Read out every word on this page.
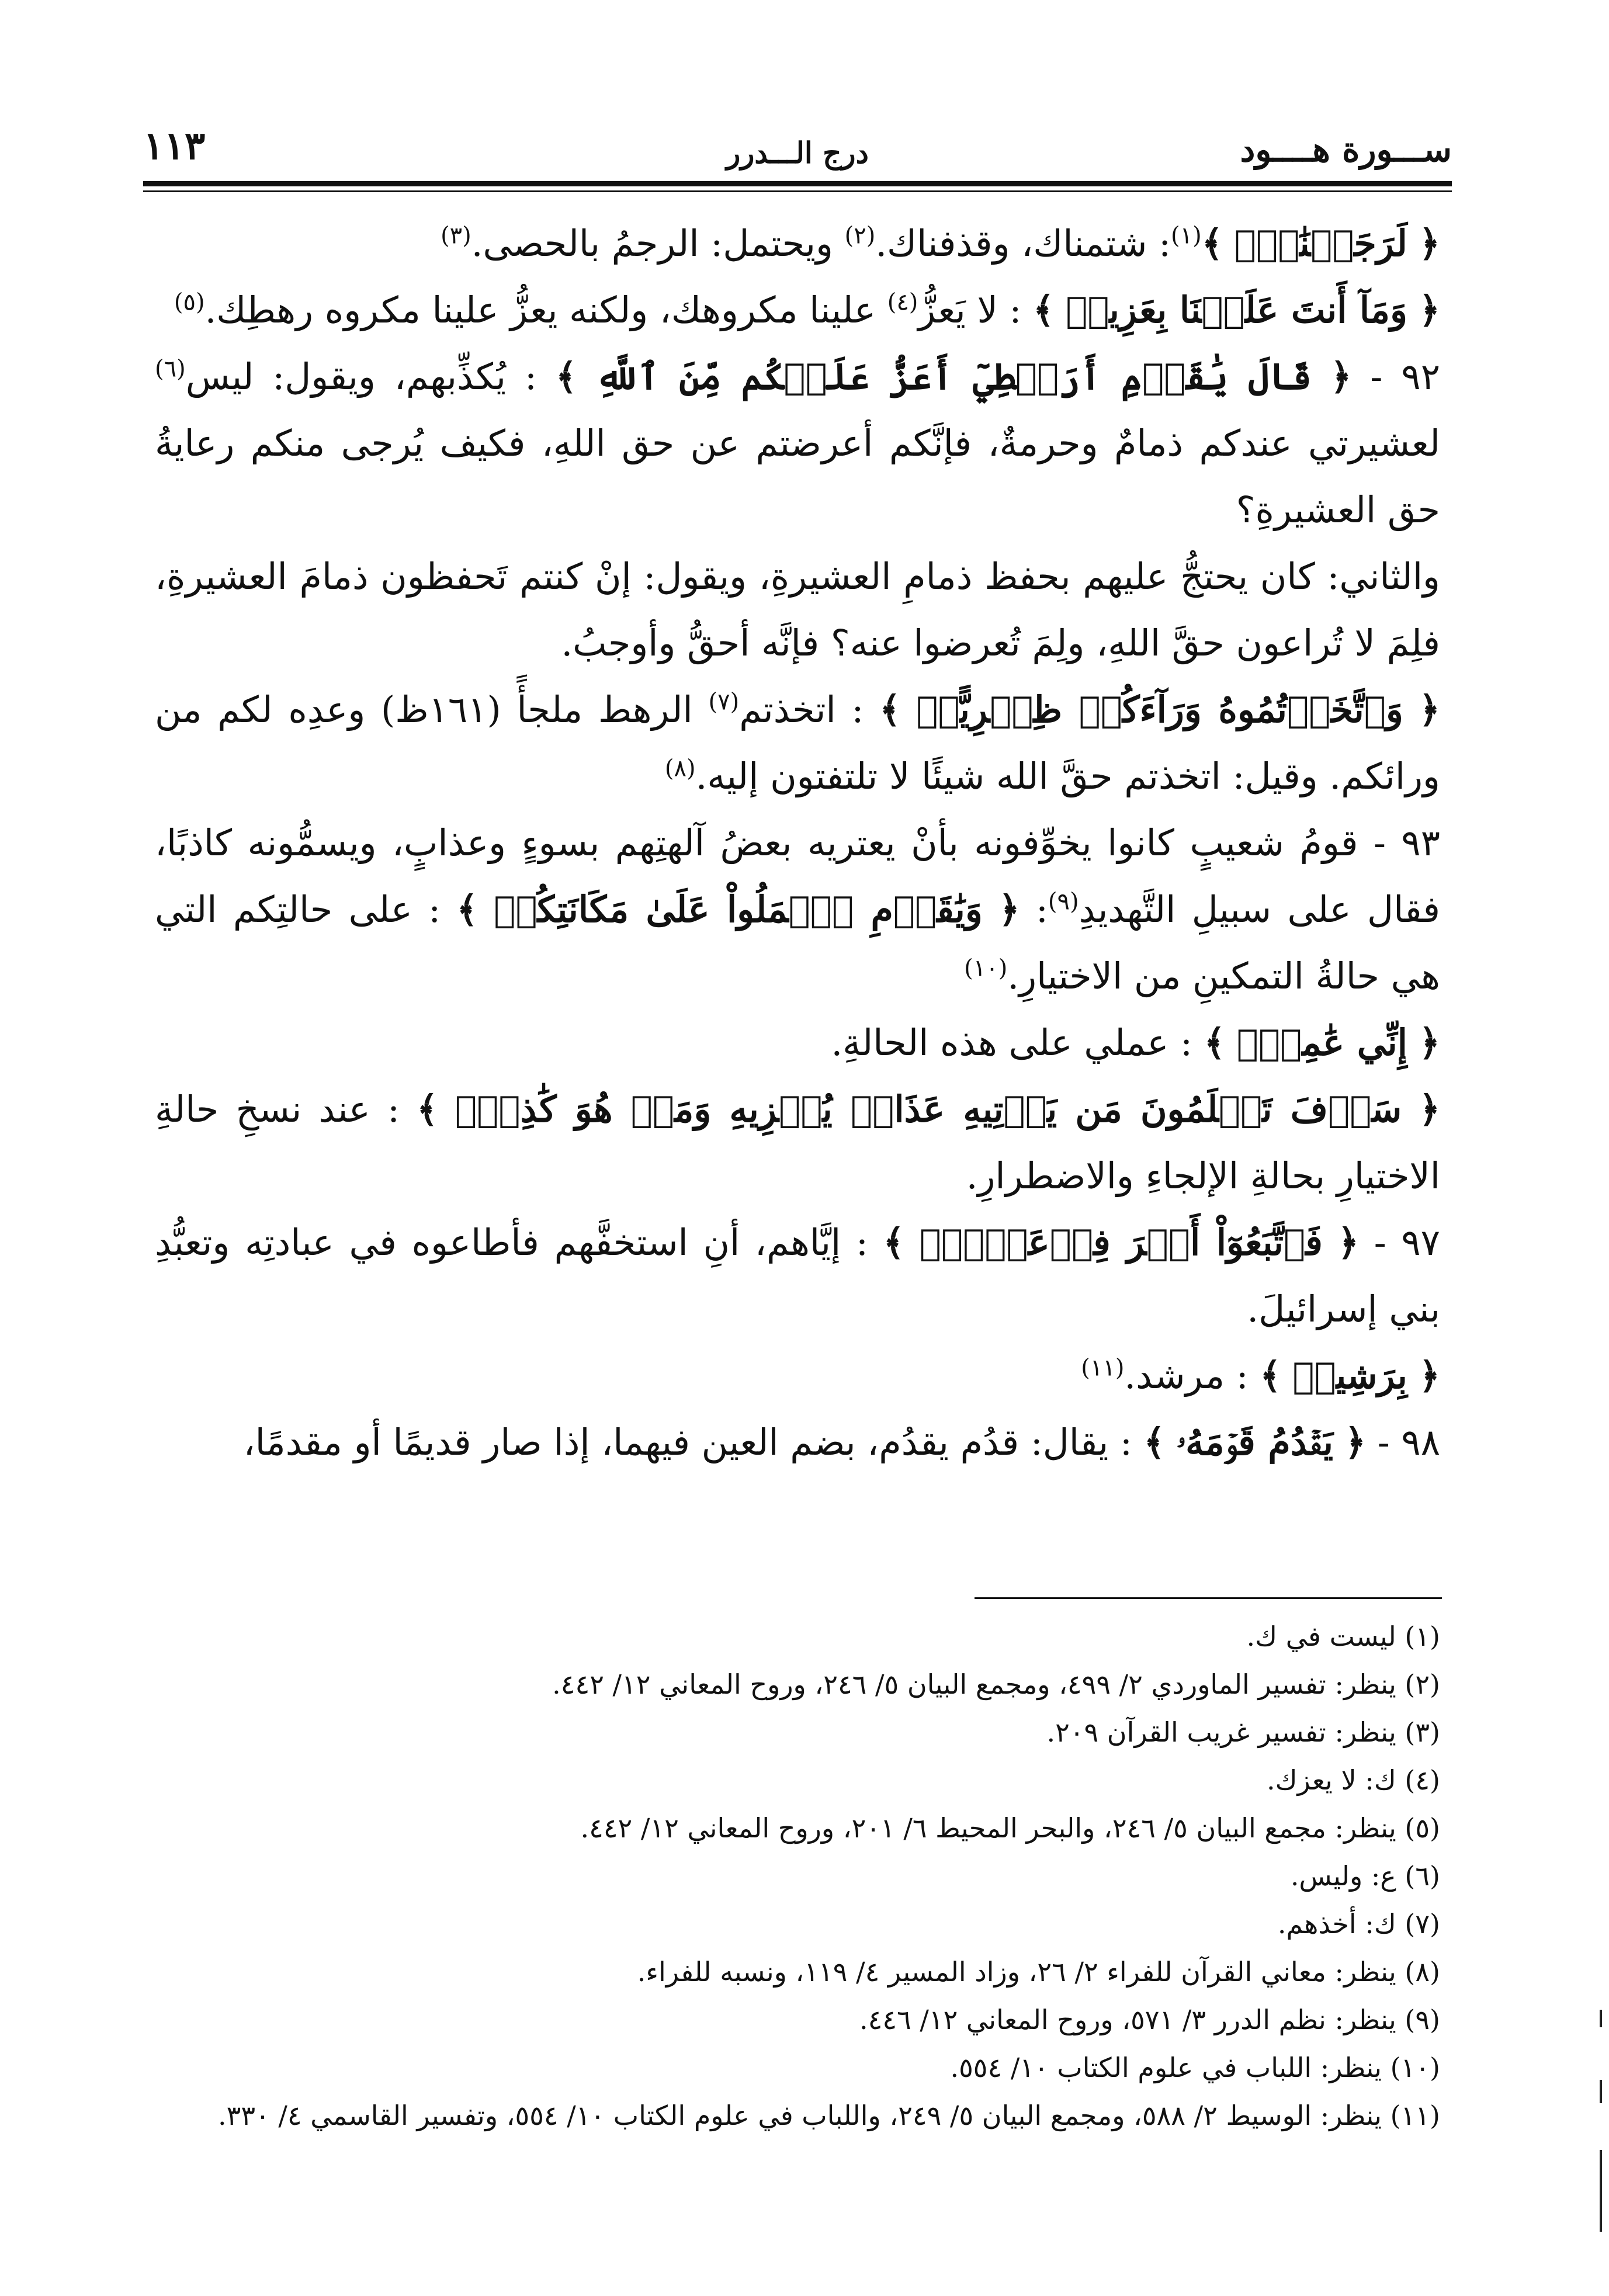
ســـورة هــــود
درج الـــدرر
١١٣

﴿ لَرَجَمۡنَٰكَۖ ﴾$^{(١)}$: شتمناك، وقذفناك.$^{(٢)}$ ويحتمل: الرجمُ بالحصى.$^{(٣)}$

﴿ وَمَآ أَنتَ عَلَيۡنَا بِعَزِيزٖ ﴾ : لا يَعزُّ$^{(٤)}$ علينا مكروهك، ولكنه يعزُّ علينا مكروه رهطِك.$^{(٥)}$

٩٢ - ﴿ قَالَ يَٰقَوۡمِ أَرَهۡطِيٓ أَعَزُّ عَلَيۡكُم مِّنَ ٱللَّهِ ﴾ : يُكذِّبهم، ويقول: ليس$^{(٦)}$ لعشيرتي عندكم ذمامٌ وحرمةٌ، فإنَّكم أعرضتم عن حق اللهِ، فكيف يُرجى منكم رعايةُ حق العشيرةِ؟

والثاني: كان يحتجُّ عليهم بحفظ ذمامِ العشيرةِ، ويقول: إنْ كنتم تَحفظون ذمامَ العشيرةِ، فلِمَ لا تُراعون حقَّ اللهِ، ولِمَ تُعرضوا عنه؟ فإنَّه أحقُّ وأوجبُ.

﴿ وَٱتَّخَذۡتُمُوهُ وَرَآءَكُمۡ ظِهۡرِيًّاۖ ﴾ : اتخذتم$^{(٧)}$ الرهط ملجأً (١٦١ظ) وعدِه لكم من ورائكم. وقيل: اتخذتم حقَّ الله شيئًا لا تلتفتون إليه.$^{(٨)}$

٩٣ - قومُ شعيبٍ كانوا يخوِّفونه بأنْ يعتريه بعضُ آلهتِهم بسوءٍ وعذابٍ، ويسمُّونه كاذبًا، فقال على سبيلِ التَّهديدِ$^{(٩)}$: ﴿ وَيَٰقَوۡمِ ٱعۡمَلُواْ عَلَىٰ مَكَانَتِكُمۡ ﴾ : على حالتِكم التي هي حالةُ التمكينِ من الاختيارِ.$^{(١٠)}$

﴿ إِنِّي عَٰمِلٞۖ ﴾ : عملي على هذه الحالةِ.

﴿ سَوۡفَ تَعۡلَمُونَ مَن يَأۡتِيهِ عَذَابٞ يُخۡزِيهِ وَمَنۡ هُوَ كَٰذِبٞۖ ﴾ : عند نسخِ حالةِ الاختيارِ بحالةِ الإلجاءِ والاضطرارِ.

٩٧ - ﴿ فَٱتَّبَعُوٓاْ أَمۡرَ فِرۡعَوۡنَۖ ﴾ : إيَّاهم، أنِ استخفَّهم فأطاعوه في عبادتِه وتعبُّدِ بني إسرائيلَ.

﴿ بِرَشِيدٖ ﴾ : مرشد.$^{(١١)}$

٩٨ - ﴿ يَقۡدُمُ قَوۡمَهُۥ ﴾ : يقال: قدُم يقدُم، بضم العين فيهما، إذا صار قديمًا أو مقدمًا،

(١) ليست في ك.
(٢) ينظر: تفسير الماوردي ٢/ ٤٩٩، ومجمع البيان ٥/ ٢٤٦، وروح المعاني ١٢/ ٤٤٢.
(٣) ينظر: تفسير غريب القرآن ٢٠٩.
(٤) ك: لا يعزك.
(٥) ينظر: مجمع البيان ٥/ ٢٤٦، والبحر المحيط ٦/ ٢٠١، وروح المعاني ١٢/ ٤٤٢.
(٦) ع: وليس.
(٧) ك: أخذهم.
(٨) ينظر: معاني القرآن للفراء ٢/ ٢٦، وزاد المسير ٤/ ١١٩، ونسبه للفراء.
(٩) ينظر: نظم الدرر ٣/ ٥٧١، وروح المعاني ١٢/ ٤٤٦.
(١٠) ينظر: اللباب في علوم الكتاب ١٠/ ٥٥٤.
(١١) ينظر: الوسيط ٢/ ٥٨٨، ومجمع البيان ٥/ ٢٤٩، واللباب في علوم الكتاب ١٠/ ٥٥٤، وتفسير القاسمي ٤/ ٣٣٠.
